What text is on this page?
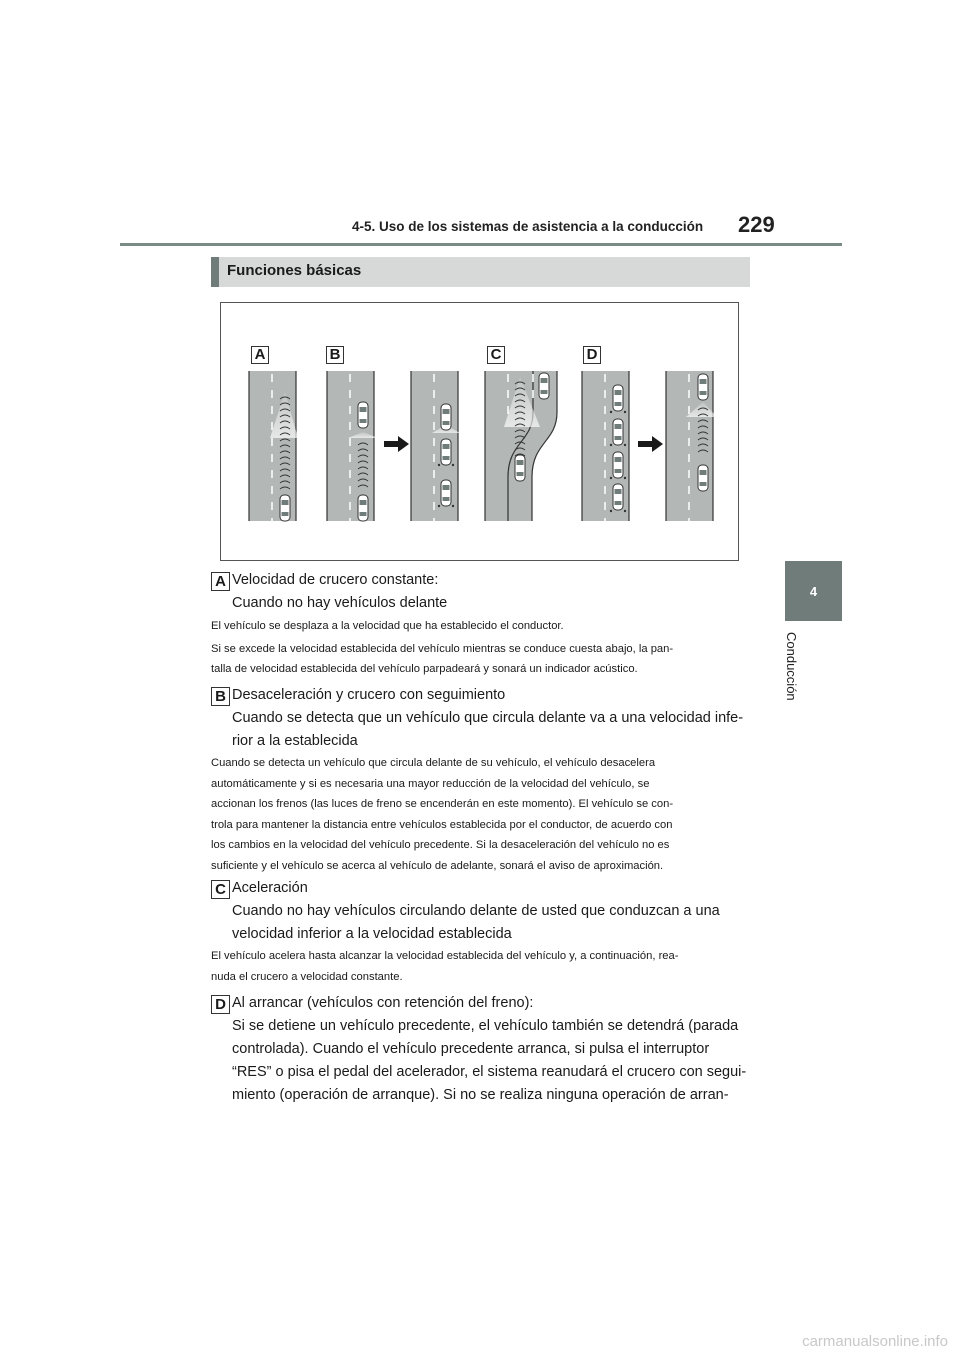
4-5. Uso de los sistemas de asistencia a la conducción 229
4
Conducción
Funciones básicas
A	B	C	D
A Velocidad de crucero constante:
Cuando no hay vehículos delante
El vehículo se desplaza a la velocidad que ha establecido el conductor.
Si se excede la velocidad establecida del vehículo mientras se conduce cuesta abajo, la pan-
talla de velocidad establecida del vehículo parpadeará y sonará un indicador acústico.
B Desaceleración y crucero con seguimiento
Cuando se detecta que un vehículo que circula delante va a una velocidad infe-
rior a la establecida
Cuando se detecta un vehículo que circula delante de su vehículo, el vehículo desacelera
automáticamente y si es necesaria una mayor reducción de la velocidad del vehículo, se
accionan los frenos (las luces de freno se encenderán en este momento). El vehículo se con-
trola para mantener la distancia entre vehículos establecida por el conductor, de acuerdo con
los cambios en la velocidad del vehículo precedente. Si la desaceleración del vehículo no es
suficiente y el vehículo se acerca al vehículo de adelante, sonará el aviso de aproximación.
C Aceleración
Cuando no hay vehículos circulando delante de usted que conduzcan a una
velocidad inferior a la velocidad establecida
El vehículo acelera hasta alcanzar la velocidad establecida del vehículo y, a continuación, rea-
nuda el crucero a velocidad constante.
D Al arrancar (vehículos con retención del freno):
Si se detiene un vehículo precedente, el vehículo también se detendrá (parada
controlada). Cuando el vehículo precedente arranca, si pulsa el interruptor
“RES” o pisa el pedal del acelerador, el sistema reanudará el crucero con segui-
miento (operación de arranque). Si no se realiza ninguna operación de arran-
carmanualsonline.info
